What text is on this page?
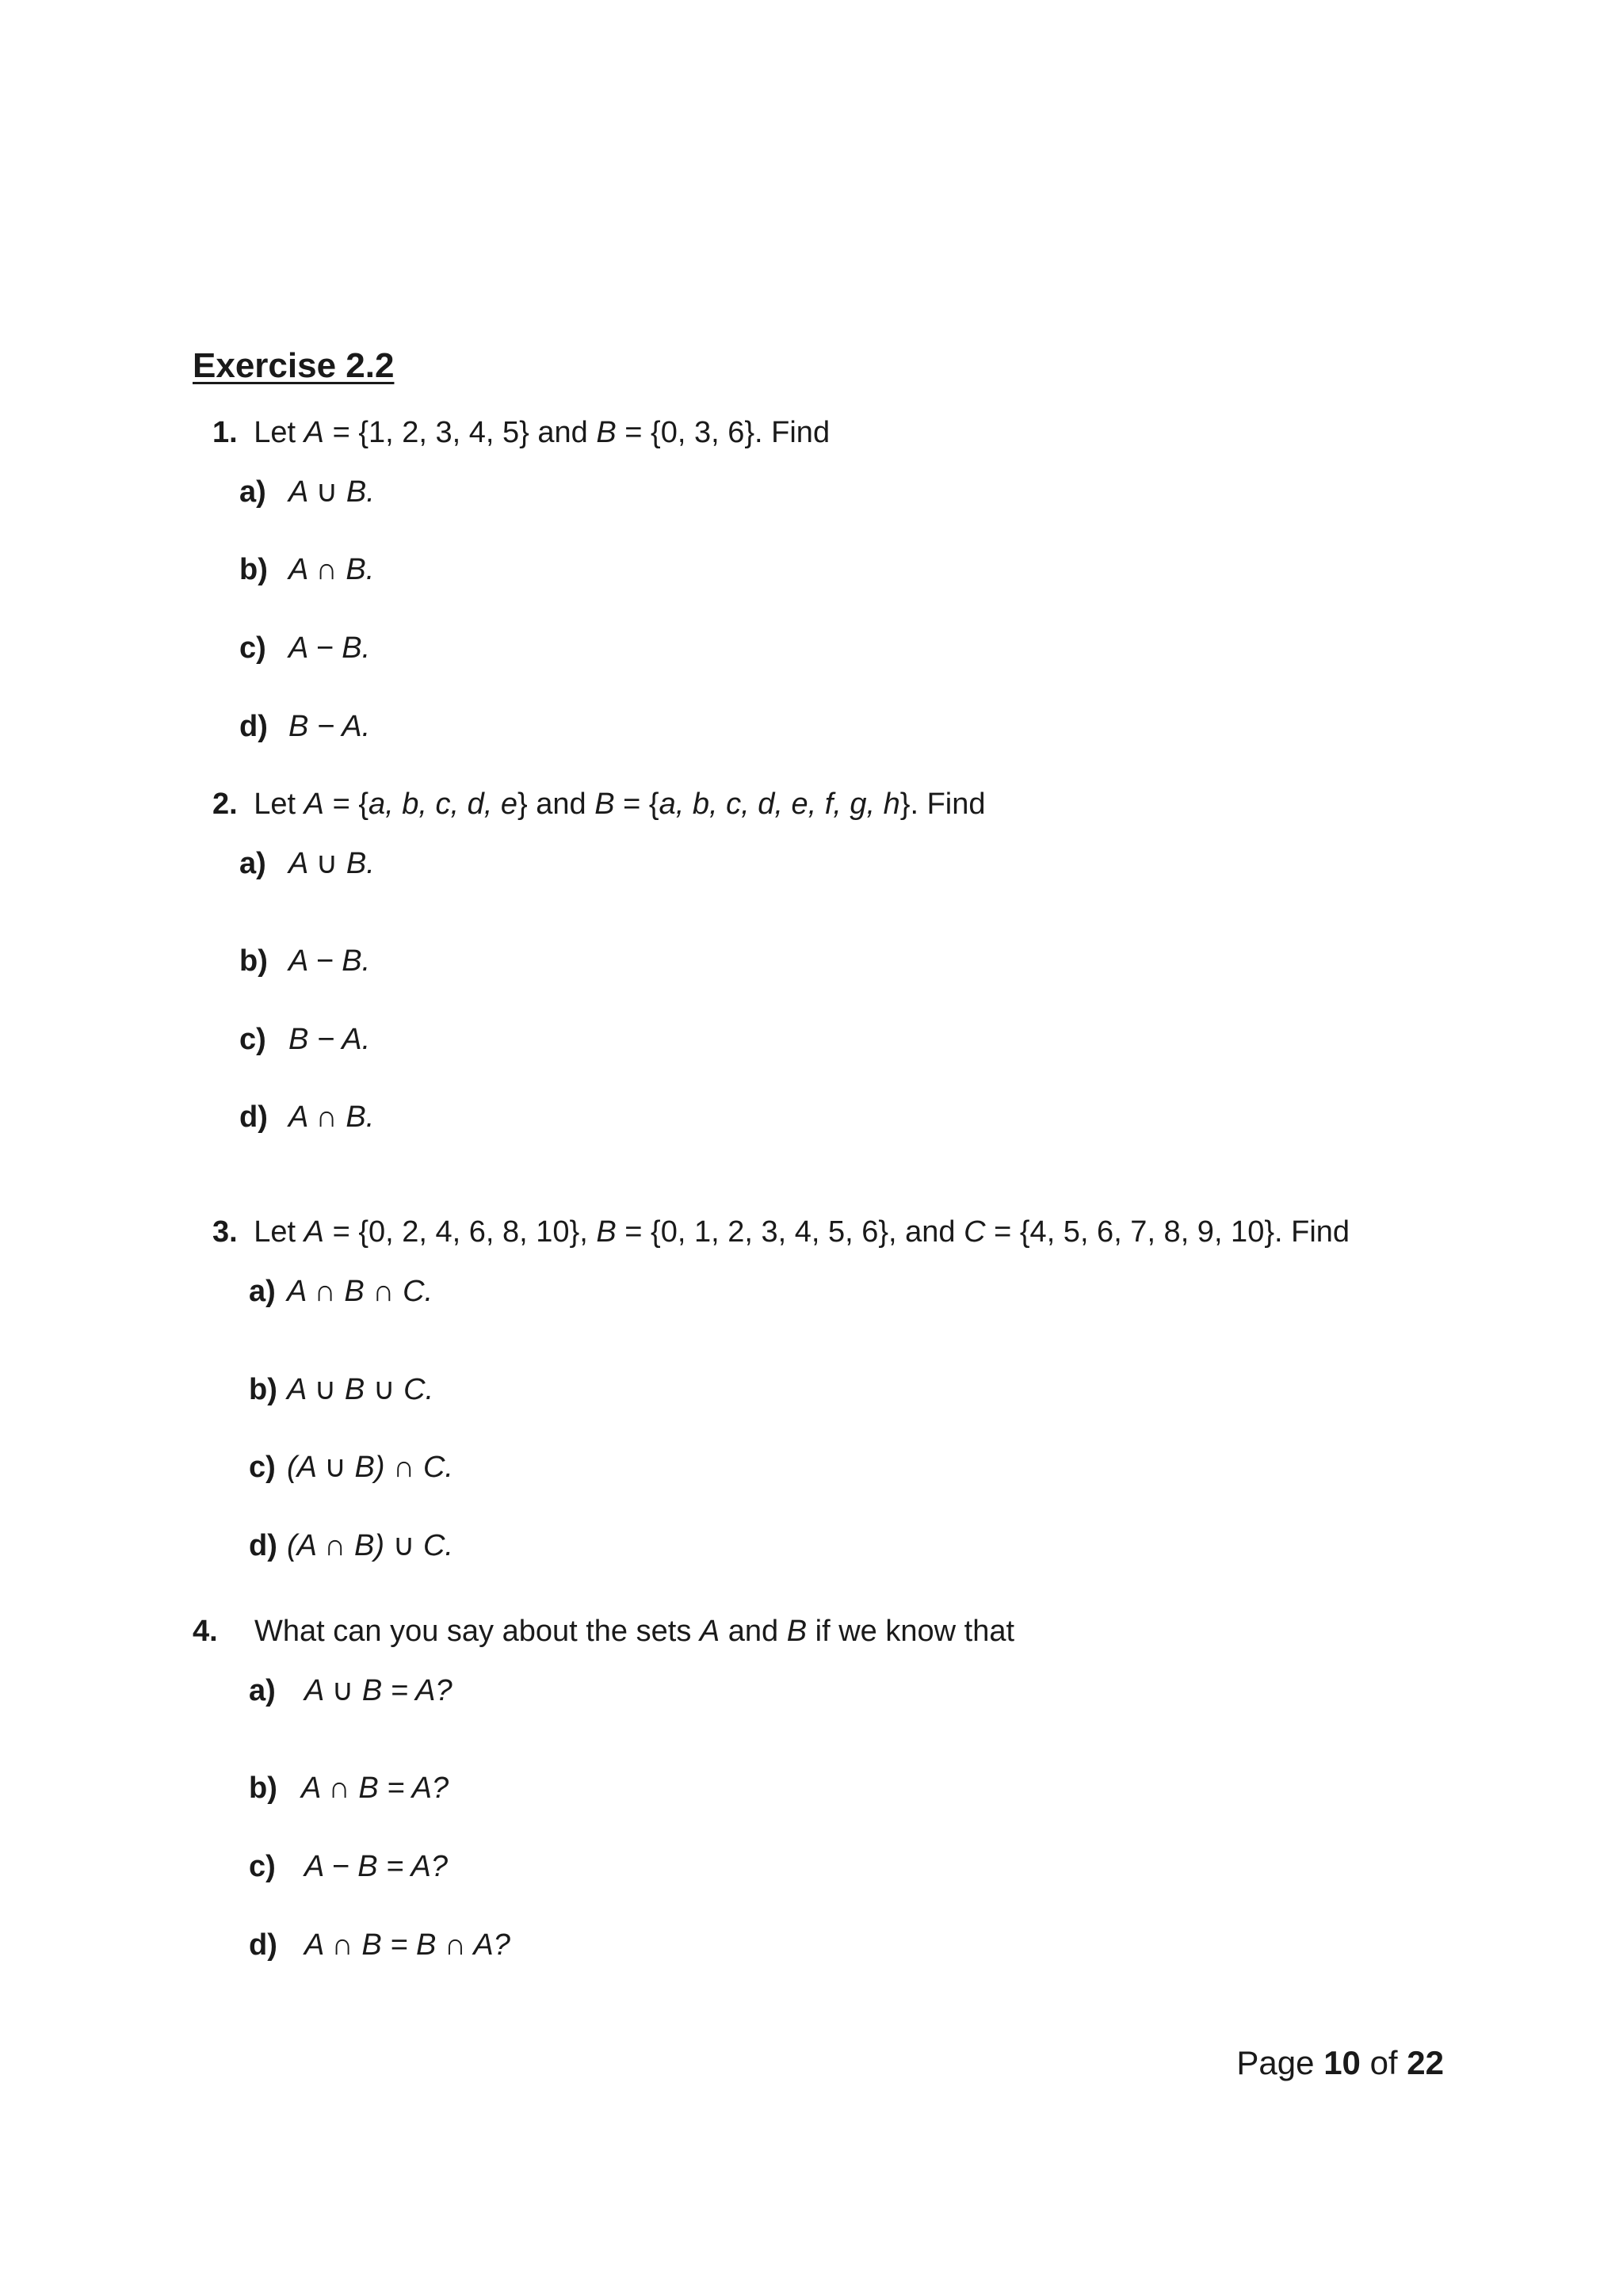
Exercise 2.2
1. Let A = {1, 2, 3, 4, 5} and B = {0, 3, 6}. Find
a) A ∪ B.
b) A ∩ B.
c) A − B.
d) B − A.
2. Let A = {a, b, c, d, e} and B = {a, b, c, d, e, f, g, h}. Find
a) A ∪ B.
b) A − B.
c) B − A.
d) A ∩ B.
3. Let A = {0, 2, 4, 6, 8, 10}, B = {0, 1, 2, 3, 4, 5, 6}, and C = {4, 5, 6, 7, 8, 9, 10}. Find
a) A ∩ B ∩ C.
b) A ∪ B ∪ C.
c) (A ∪ B) ∩ C.
d) (A ∩ B) ∪ C.
4. What can you say about the sets A and B if we know that
a) A ∪ B = A?
b) A ∩ B = A?
c) A − B = A?
d) A ∩ B = B ∩ A?
Page 10 of 22
